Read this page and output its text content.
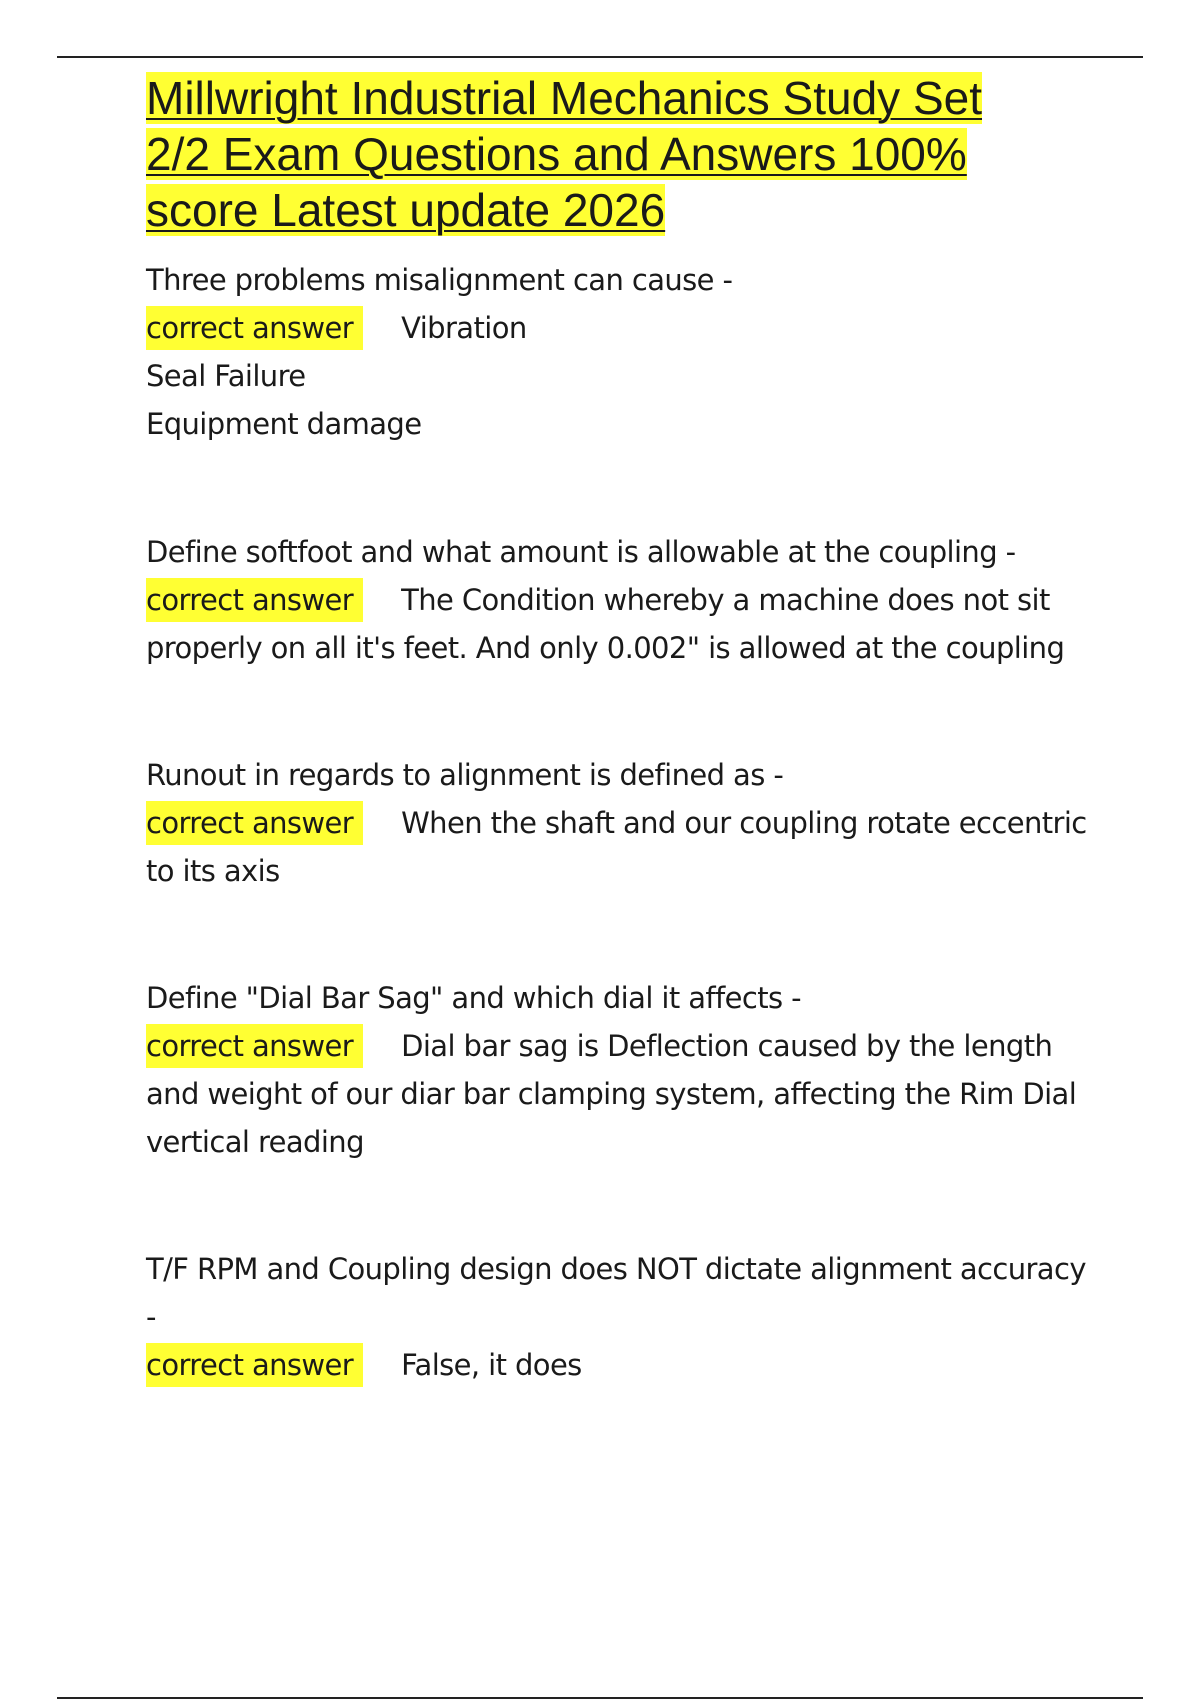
Millwright Industrial Mechanics Study Set
2/2 Exam Questions and Answers 100%
score Latest update 2026

Three problems misalignment can cause -

correct answer Vibration

Seal Failure

Equipment damage

Define softfoot and what amount is allowable at the coupling -

correct answer The Condition whereby a machine does not sit

properly on all it's feet. And only 0.002" is allowed at the coupling

Runout in regards to alignment is defined as -

correct answer When the shaft and our coupling rotate eccentric

to its axis

Define "Dial Bar Sag" and which dial it affects -

correct answer Dial bar sag is Deflection caused by the length

and weight of our diar bar clamping system, affecting the Rim Dial

vertical reading

T/F RPM and Coupling design does NOT dictate alignment accuracy

-

correct answer False, it does
